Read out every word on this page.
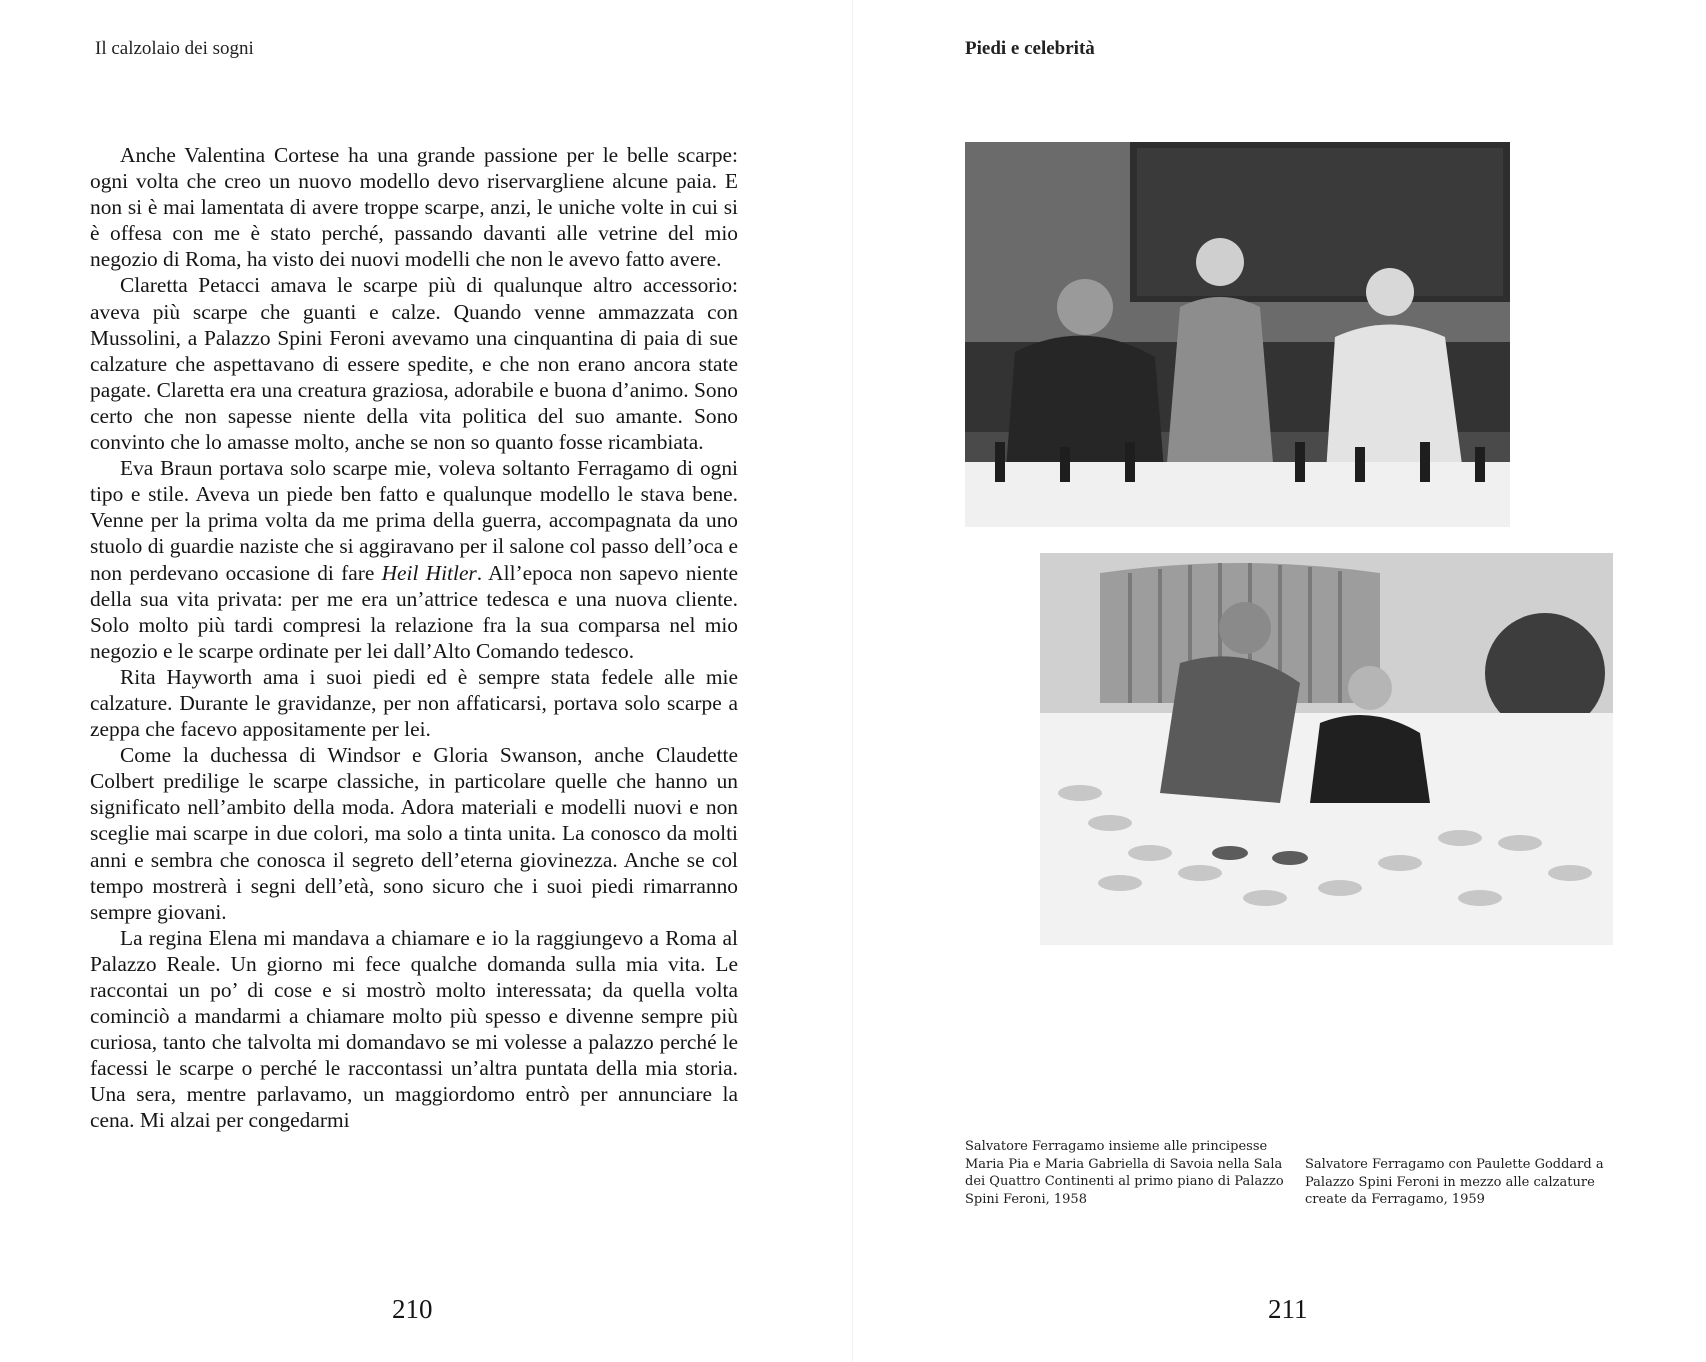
Il calzolaio dei sogni

Anche Valentina Cortese ha una grande passione per le belle scarpe: ogni volta che creo un nuovo modello devo riservargliene alcune paia. E non si è mai lamentata di avere troppe scarpe, anzi, le uniche volte in cui si è offesa con me è stato perché, passando davanti alle vetrine del mio negozio di Roma, ha visto dei nuovi modelli che non le avevo fatto avere.

Claretta Petacci amava le scarpe più di qualunque altro accessorio: aveva più scarpe che guanti e calze. Quando venne ammazzata con Mussolini, a Palazzo Spini Feroni avevamo una cinquantina di paia di sue calzature che aspettavano di essere spedite, e che non erano ancora state pagate. Claretta era una creatura graziosa, adorabile e buona d’animo. Sono certo che non sapesse niente della vita politica del suo amante. Sono convinto che lo amasse molto, anche se non so quanto fosse ricambiata.

Eva Braun portava solo scarpe mie, voleva soltanto Ferragamo di ogni tipo e stile. Aveva un piede ben fatto e qualunque modello le stava bene. Venne per la prima volta da me prima della guerra, accompagnata da uno stuolo di guardie naziste che si aggiravano per il salone col passo dell’oca e non perdevano occasione di fare Heil Hitler. All’epoca non sapevo niente della sua vita privata: per me era un’attrice tedesca e una nuova cliente. Solo molto più tardi compresi la relazione fra la sua comparsa nel mio negozio e le scarpe ordinate per lei dall’Alto Comando tedesco.

Rita Hayworth ama i suoi piedi ed è sempre stata fedele alle mie calzature. Durante le gravidanze, per non affaticarsi, portava solo scarpe a zeppa che facevo appositamente per lei.

Come la duchessa di Windsor e Gloria Swanson, anche Claudette Colbert predilige le scarpe classiche, in particolare quelle che hanno un significato nell’ambito della moda. Adora materiali e modelli nuovi e non sceglie mai scarpe in due colori, ma solo a tinta unita. La conosco da molti anni e sembra che conosca il segreto dell’eterna giovinezza. Anche se col tempo mostrerà i segni dell’età, sono sicuro che i suoi piedi rimarranno sempre giovani.

La regina Elena mi mandava a chiamare e io la raggiungevo a Roma al Palazzo Reale. Un giorno mi fece qualche domanda sulla mia vita. Le raccontai un po’ di cose e si mostrò molto interessata; da quella volta cominciò a mandarmi a chiamare molto più spesso e divenne sempre più curiosa, tanto che talvolta mi domandavo se mi volesse a palazzo perché le facessi le scarpe o perché le raccontassi un’altra puntata della mia storia. Una sera, mentre parlavamo, un maggiordomo entrò per annunciare la cena. Mi alzai per congedarmi

210
Piedi e celebrità
Salvatore Ferragamo insieme alle principesse Maria Pia e Maria Gabriella di Savoia nella Sala dei Quattro Continenti al primo piano di Palazzo Spini Feroni, 1958
Salvatore Ferragamo con Paulette Goddard a Palazzo Spini Feroni in mezzo alle calzature create da Ferragamo, 1959
211
